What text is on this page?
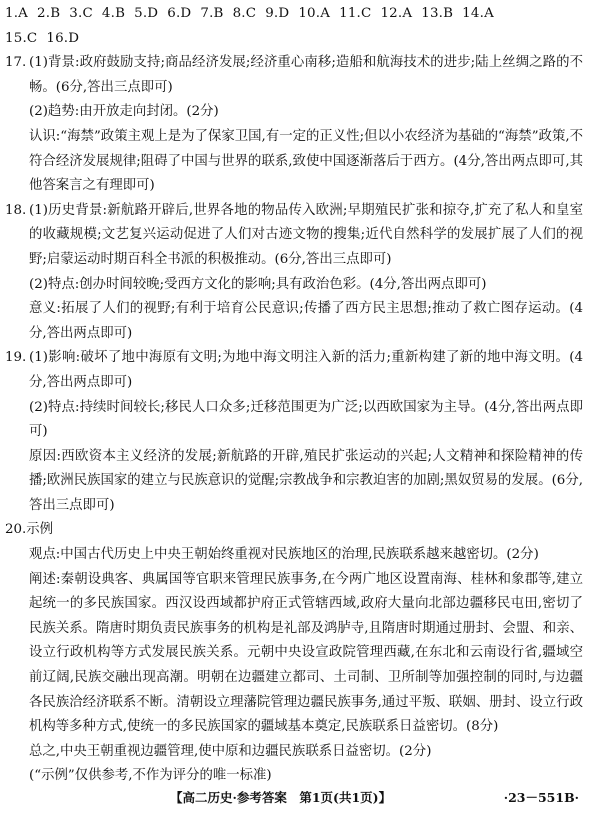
1.A 2.B 3.C 4.B 5.D 6.D 7.B 8.C 9.D 10.A 11.C 12.A 13.B 14.A
15.C 16.D
17. (1)背景:政府鼓励支持;商品经济发展;经济重心南移;造船和航海技术的进步;陆上丝绸之路的不畅。(6分,答出三点即可)
(2)趋势:由开放走向封闭。(2分)
认识:“海禁”政策主观上是为了保家卫国,有一定的正义性;但以小农经济为基础的“海禁”政策,不符合经济发展规律;阻碍了中国与世界的联系,致使中国逐渐落后于西方。(4分,答出两点即可,其他答案言之有理即可)
18. (1)历史背景:新航路开辟后,世界各地的物品传入欧洲;早期殖民扩张和掠夺,扩充了私人和皇室的收藏规模;文艺复兴运动促进了人们对古迹文物的搜集;近代自然科学的发展扩展了人们的视野;启蒙运动时期百科全书派的积极推动。(6分,答出三点即可)
(2)特点:创办时间较晚;受西方文化的影响;具有政治色彩。(4分,答出两点即可)
意义:拓展了人们的视野;有利于培育公民意识;传播了西方民主思想;推动了救亡图存运动。(4分,答出两点即可)
19. (1)影响:破坏了地中海原有文明;为地中海文明注入新的活力;重新构建了新的地中海文明。(4分,答出两点即可)
(2)特点:持续时间较长;移民人口众多;迁移范围更为广泛;以西欧国家为主导。(4分,答出两点即可)
原因:西欧资本主义经济的发展;新航路的开辟,殖民扩张运动的兴起;人文精神和探险精神的传播;欧洲民族国家的建立与民族意识的觉醒;宗教战争和宗教迫害的加剧;黑奴贸易的发展。(6分,答出三点即可)
20.示例
观点:中国古代历史上中央王朝始终重视对民族地区的治理,民族联系越来越密切。(2分)
阐述:秦朝设典客、典属国等官职来管理民族事务,在今两广地区设置南海、桂林和象郡等,建立起统一的多民族国家。西汉设西域都护府正式管辖西域,政府大量向北部边疆移民屯田,密切了民族关系。隋唐时期负责民族事务的机构是礼部及鸿胪寺,且隋唐时期通过册封、会盟、和亲、设立行政机构等方式发展民族关系。元朝中央设宣政院管理西藏,在东北和云南设行省,疆域空前辽阔,民族交融出现高潮。明朝在边疆建立都司、土司制、卫所制等加强控制的同时,与边疆各民族洽经济联系不断。清朝设立理藩院管理边疆民族事务,通过平叛、联姻、册封、设立行政机构等多种方式,使统一的多民族国家的疆域基本奠定,民族联系日益密切。(8分)
总之,中央王朝重视边疆管理,使中原和边疆民族联系日益密切。(2分)
(“示例”仅供参考,不作为评分的唯一标准)
【高二历史·参考答案　第1页(共1页)】	·23－551B·
